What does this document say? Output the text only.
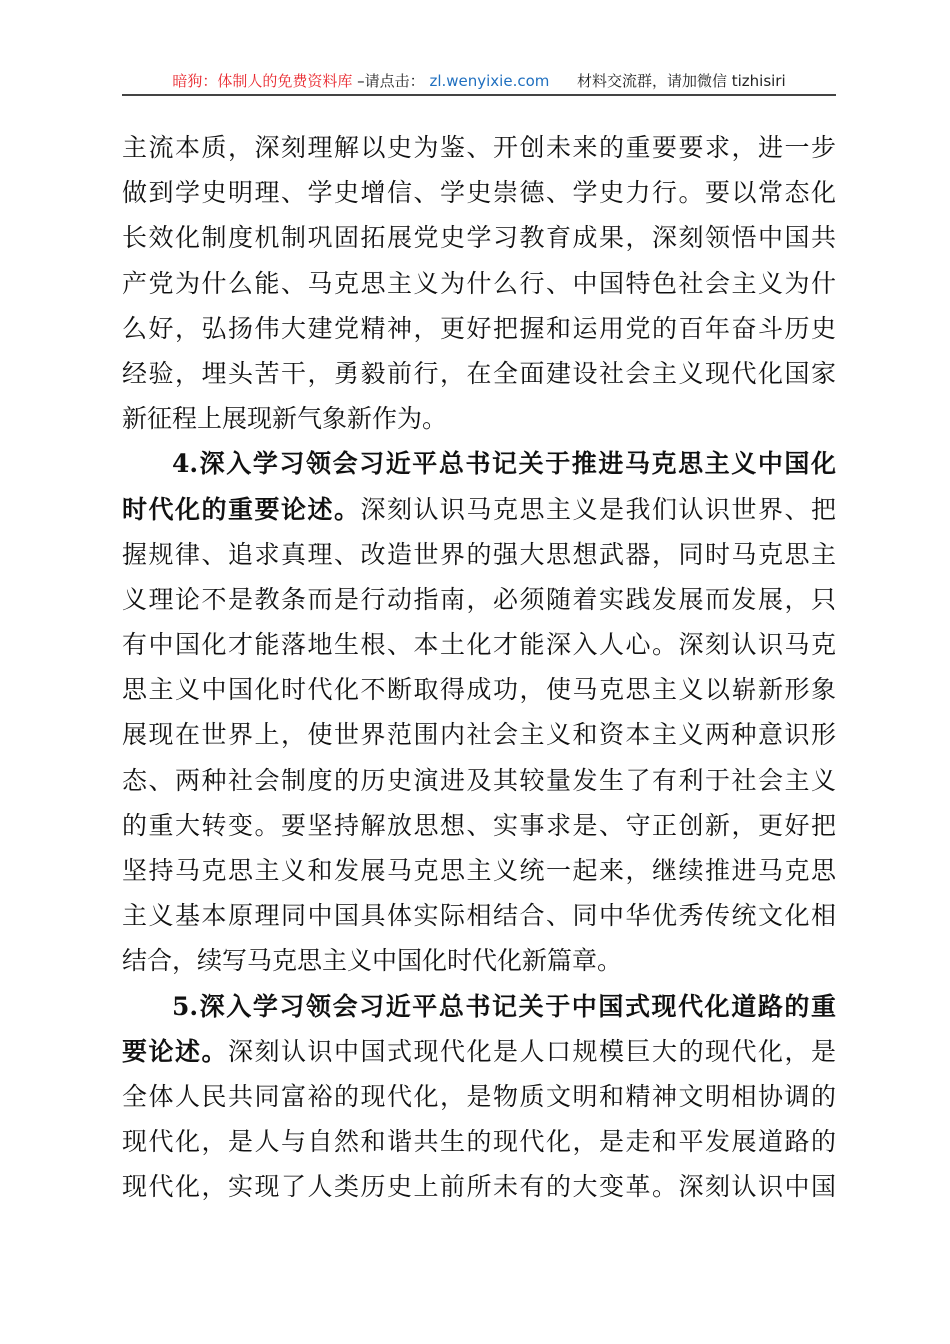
暗狗：体制人的免费资料库 –请点击： zl.wenyixie.com 材料交流群，请加微信 tizhisiri
主流本质，深刻理解以史为鉴、开创未来的重要要求，进一步
做到学史明理、学史增信、学史崇德、学史力行。要以常态化
长效化制度机制巩固拓展党史学习教育成果，深刻领悟中国共
产党为什么能、马克思主义为什么行、中国特色社会主义为什
么好，弘扬伟大建党精神，更好把握和运用党的百年奋斗历史
经验，埋头苦干，勇毅前行，在全面建设社会主义现代化国家
新征程上展现新气象新作为。
4.深入学习领会习近平总书记关于推进马克思主义中国化
时代化的重要论述。深刻认识马克思主义是我们认识世界、把
握规律、追求真理、改造世界的强大思想武器，同时马克思主
义理论不是教条而是行动指南，必须随着实践发展而发展，只
有中国化才能落地生根、本土化才能深入人心。深刻认识马克
思主义中国化时代化不断取得成功，使马克思主义以崭新形象
展现在世界上，使世界范围内社会主义和资本主义两种意识形
态、两种社会制度的历史演进及其较量发生了有利于社会主义
的重大转变。要坚持解放思想、实事求是、守正创新，更好把
坚持马克思主义和发展马克思主义统一起来，继续推进马克思
主义基本原理同中国具体实际相结合、同中华优秀传统文化相
结合，续写马克思主义中国化时代化新篇章。
5.深入学习领会习近平总书记关于中国式现代化道路的重
要论述。深刻认识中国式现代化是人口规模巨大的现代化，是
全体人民共同富裕的现代化，是物质文明和精神文明相协调的
现代化，是人与自然和谐共生的现代化，是走和平发展道路的
现代化，实现了人类历史上前所未有的大变革。深刻认识中国
